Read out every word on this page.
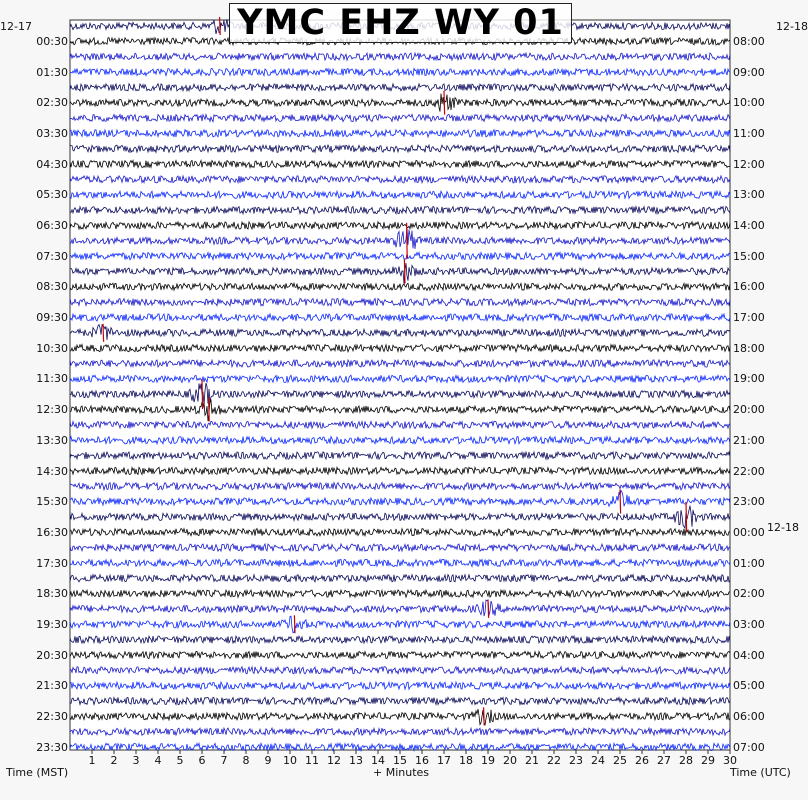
YMC EHZ WY 01
12-17	12-18
12-18
00:30
01:30
02:30
03:30
04:30
05:30
06:30
07:30
08:30
09:30
10:30
11:30
12:30
13:30
14:30
15:30
16:30
17:30
18:30
19:30
20:30
21:30
22:30
23:30
08:00
09:00
10:00
11:00
12:00
13:00
14:00
15:00
16:00
17:00
18:00
19:00
20:00
21:00
22:00
23:00
00:00
01:00
02:00
03:00
04:00
05:00
06:00
07:00
1 2 3 4 5 6 7 8 9 10 11 12 13 14 15 16 17 18 19 20 21 22 23 24 25 26 27 28 29 30
Time (MST)	+ Minutes	Time (UTC)
